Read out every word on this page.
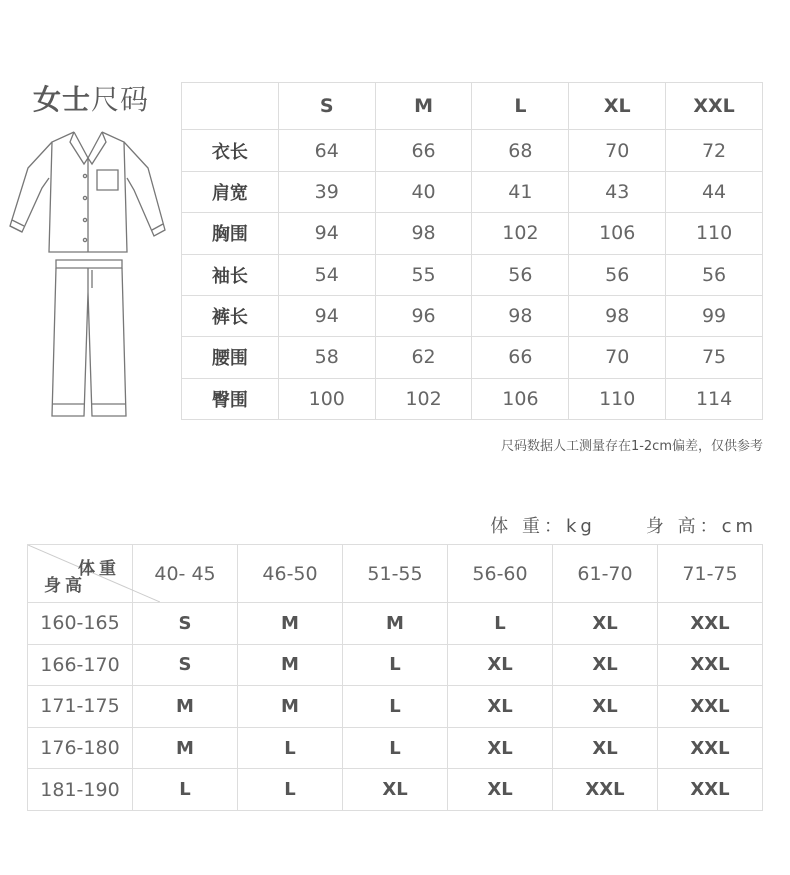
女士尺码
		S	M	L	XL	XXL
衣长	64	66	68	70	72
肩宽	39	40	41	43	44
胸围	94	98	102	106	110
袖长	54	55	56	56	56
裤长	94	96	98	98	99
腰围	58	62	66	70	75
臀围	100	102	106	110	114
尺码数据人工测量存在1-2cm偏差，仅供参考
体 重：kg	身 高：cm
体重
身高	40- 45	46-50	51-55	56-60	61-70	71-75
160-165	S	M	M	L	XL	XXL
166-170	S	M	L	XL	XL	XXL
171-175	M	M	L	XL	XL	XXL
176-180	M	L	L	XL	XL	XXL
181-190	L	L	XL	XL	XXL	XXL
